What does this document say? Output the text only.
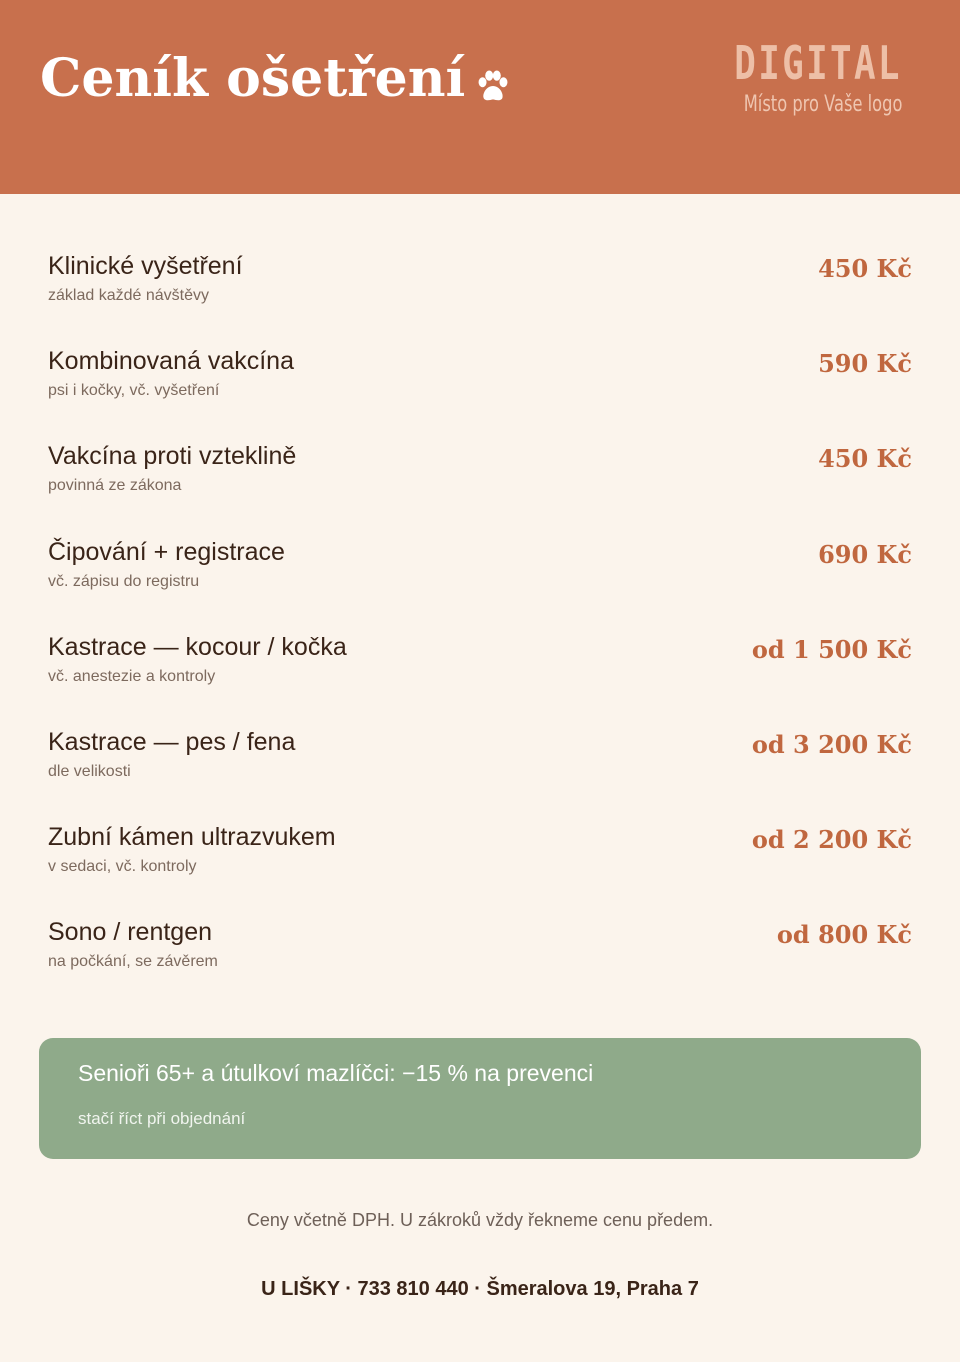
Ceník ošetření	DIGITAL
Místo pro Vaše logo
Klinické vyšetření
základ každé návštěvy
450 Kč
Kombinovaná vakcína
psi i kočky, vč. vyšetření
590 Kč
Vakcína proti vzteklině
povinná ze zákona
450 Kč
Čipování + registrace
vč. zápisu do registru
690 Kč
Kastrace — kocour / kočka
vč. anestezie a kontroly
od 1 500 Kč
Kastrace — pes / fena
dle velikosti
od 3 200 Kč
Zubní kámen ultrazvukem
v sedaci, vč. kontroly
od 2 200 Kč
Sono / rentgen
na počkání, se závěrem
od 800 Kč
Senioři 65+ a útulkoví mazlíčci: −15 % na prevenci
stačí říct při objednání
Ceny včetně DPH. U zákroků vždy řekneme cenu předem.
U LIŠKY · 733 810 440 · Šmeralova 19, Praha 7
